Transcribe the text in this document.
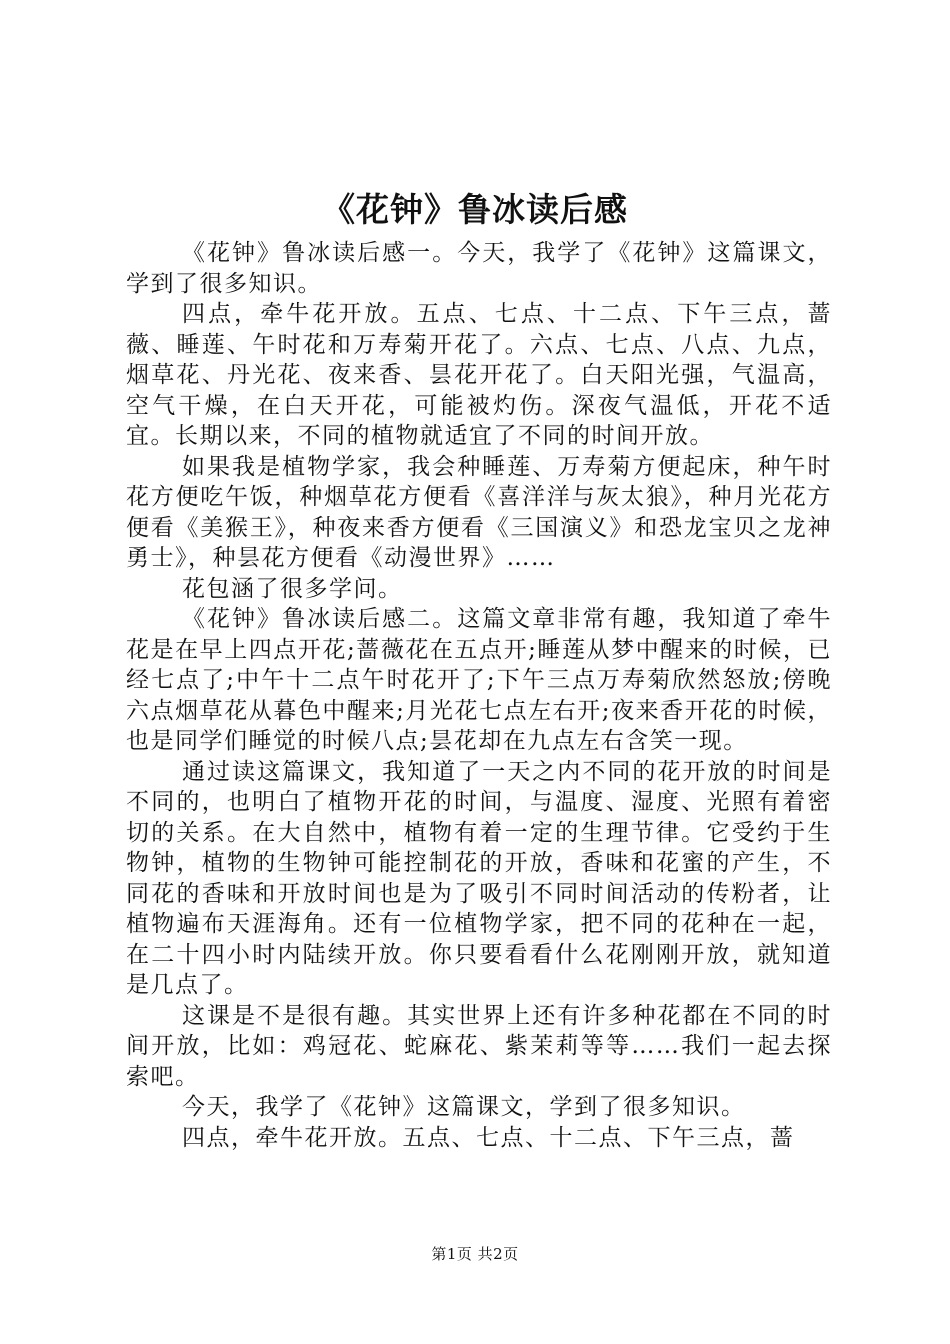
《花钟》鲁冰读后感

《花钟》鲁冰读后感一。今天，我学了《花钟》这篇课文，学到了很多知识。

四点，牵牛花开放。五点、七点、十二点、下午三点，蔷薇、睡莲、午时花和万寿菊开花了。六点、七点、八点、九点，烟草花、丹光花、夜来香、昙花开花了。白天阳光强，气温高，空气干燥，在白天开花，可能被灼伤。深夜气温低，开花不适宜。长期以来，不同的植物就适宜了不同的时间开放。

如果我是植物学家，我会种睡莲、万寿菊方便起床，种午时花方便吃午饭，种烟草花方便看《喜洋洋与灰太狼》，种月光花方便看《美猴王》，种夜来香方便看《三国演义》和恐龙宝贝之龙神勇士》，种昙花方便看《动漫世界》……

花包涵了很多学问。

《花钟》鲁冰读后感二。这篇文章非常有趣，我知道了牵牛花是在早上四点开花;蔷薇花在五点开;睡莲从梦中醒来的时候，已经七点了;中午十二点午时花开了;下午三点万寿菊欣然怒放;傍晚六点烟草花从暮色中醒来;月光花七点左右开;夜来香开花的时候，也是同学们睡觉的时候八点;昙花却在九点左右含笑一现。

通过读这篇课文，我知道了一天之内不同的花开放的时间是不同的，也明白了植物开花的时间，与温度、湿度、光照有着密切的关系。在大自然中，植物有着一定的生理节律。它受约于生物钟，植物的生物钟可能控制花的开放，香味和花蜜的产生，不同花的香味和开放时间也是为了吸引不同时间活动的传粉者，让植物遍布天涯海角。还有一位植物学家，把不同的花种在一起，在二十四小时内陆续开放。你只要看看什么花刚刚开放，就知道是几点了。

这课是不是很有趣。其实世界上还有许多种花都在不同的时间开放，比如：鸡冠花、蛇麻花、紫茉莉等等……我们一起去探索吧。

今天，我学了《花钟》这篇课文，学到了很多知识。

四点，牵牛花开放。五点、七点、十二点、下午三点，蔷

第1页 共2页
